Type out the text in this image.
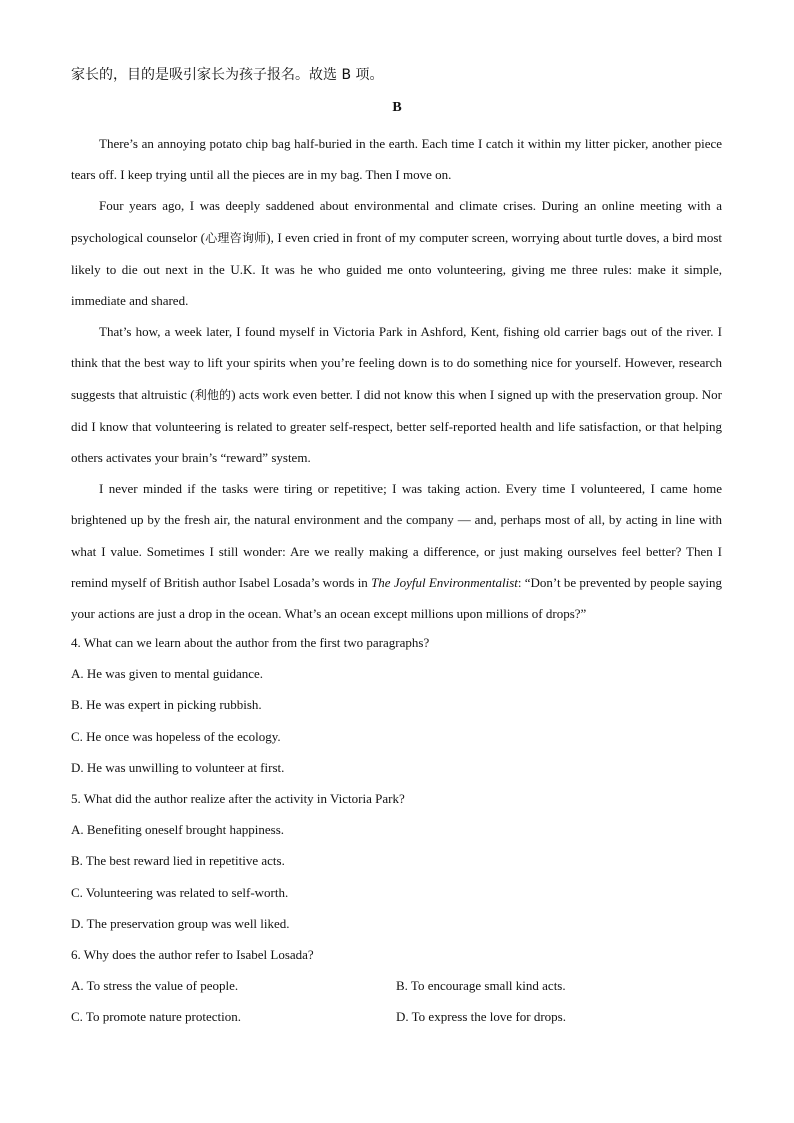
家长的，目的是吸引家长为孩子报名。故选 B 项。
B

There’s an annoying potato chip bag half-buried in the earth. Each time I catch it within my litter picker, another piece tears off. I keep trying until all the pieces are in my bag. Then I move on.

Four years ago, I was deeply saddened about environmental and climate crises. During an online meeting with a psychological counselor (心理咨询师), I even cried in front of my computer screen, worrying about turtle doves, a bird most likely to die out next in the U.K. It was he who guided me onto volunteering, giving me three rules: make it simple, immediate and shared.

That’s how, a week later, I found myself in Victoria Park in Ashford, Kent, fishing old carrier bags out of the river. I think that the best way to lift your spirits when you’re feeling down is to do something nice for yourself. However, research suggests that altruistic (利他的) acts work even better. I did not know this when I signed up with the preservation group. Nor did I know that volunteering is related to greater self-respect, better self-reported health and life satisfaction, or that helping others activates your brain’s “reward” system.

I never minded if the tasks were tiring or repetitive; I was taking action. Every time I volunteered, I came home brightened up by the fresh air, the natural environment and the company — and, perhaps most of all, by acting in line with what I value. Sometimes I still wonder: Are we really making a difference, or just making ourselves feel better? Then I remind myself of British author Isabel Losada’s words in The Joyful Environmentalist: “Don’t be prevented by people saying your actions are just a drop in the ocean. What’s an ocean except millions upon millions of drops?”

4. What can we learn about the author from the first two paragraphs?

A. He was given to mental guidance.

B. He was expert in picking rubbish.

C. He once was hopeless of the ecology.

D. He was unwilling to volunteer at first.

5. What did the author realize after the activity in Victoria Park?

A. Benefiting oneself brought happiness.

B. The best reward lied in repetitive acts.

C. Volunteering was related to self-worth.

D. The preservation group was well liked.

6. Why does the author refer to Isabel Losada?

A. To stress the value of people.	B. To encourage small kind acts.

C. To promote nature protection.	D. To express the love for drops.
